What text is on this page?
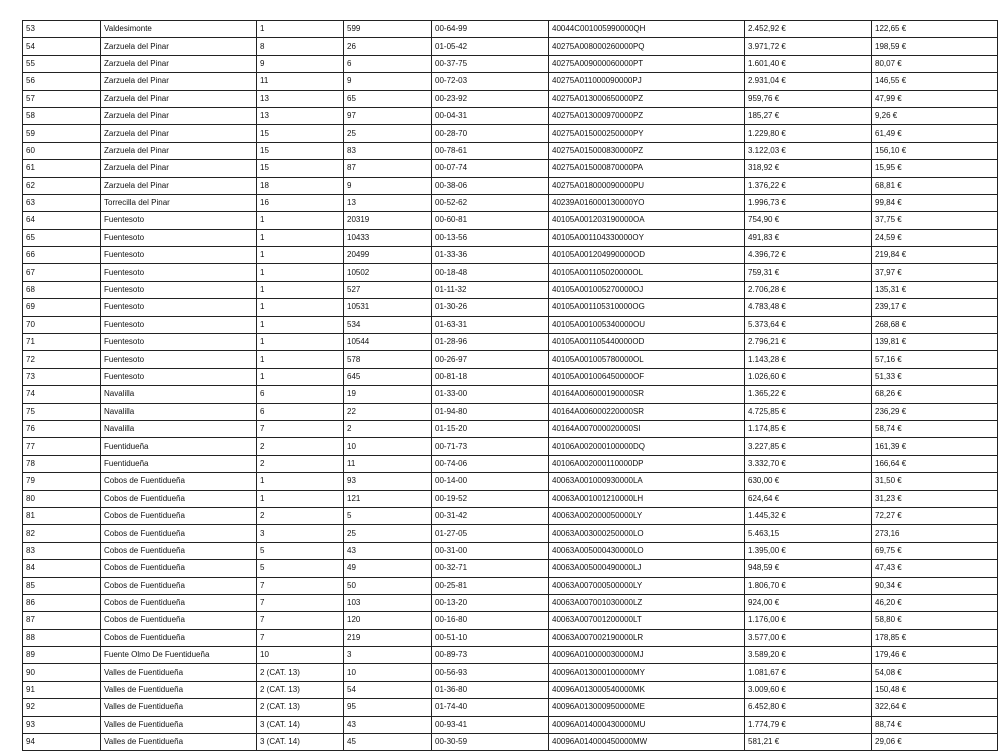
53	Valdesimonte	1	599	00-64-99	40044C001005990000QH	2.452,92 €	122,65 €
54	Zarzuela del Pinar	8	26	01-05-42	40275A008000260000PQ	3.971,72 €	198,59 €
55	Zarzuela del Pinar	9	6	00-37-75	40275A009000060000PT	1.601,40 €	80,07 €
56	Zarzuela del Pinar	11	9	00-72-03	40275A011000090000PJ	2.931,04 €	146,55 €
57	Zarzuela del Pinar	13	65	00-23-92	40275A013000650000PZ	959,76 €	47,99 €
58	Zarzuela del Pinar	13	97	00-04-31	40275A013000970000PZ	185,27 €	9,26 €
59	Zarzuela del Pinar	15	25	00-28-70	40275A015000250000PY	1.229,80 €	61,49 €
60	Zarzuela del Pinar	15	83	00-78-61	40275A015000830000PZ	3.122,03 €	156,10 €
61	Zarzuela del Pinar	15	87	00-07-74	40275A015000870000PA	318,92 €	15,95 €
62	Zarzuela del Pinar	18	9	00-38-06	40275A018000090000PU	1.376,22 €	68,81 €
63	Torrecilla del Pinar	16	13	00-52-62	40239A016000130000YO	1.996,73 €	99,84 €
64	Fuentesoto	1	20319	00-60-81	40105A001203190000OA	754,90 €	37,75 €
65	Fuentesoto	1	10433	00-13-56	40105A001104330000OY	491,83 €	24,59 €
66	Fuentesoto	1	20499	01-33-36	40105A001204990000OD	4.396,72 €	219,84 €
67	Fuentesoto	1	10502	00-18-48	40105A001105020000OL	759,31 €	37,97 €
68	Fuentesoto	1	527	01-11-32	40105A001005270000OJ	2.706,28 €	135,31 €
69	Fuentesoto	1	10531	01-30-26	40105A001105310000OG	4.783,48 €	239,17 €
70	Fuentesoto	1	534	01-63-31	40105A001005340000OU	5.373,64 €	268,68 €
71	Fuentesoto	1	10544	01-28-96	40105A001105440000OD	2.796,21 €	139,81 €
72	Fuentesoto	1	578	00-26-97	40105A001005780000OL	1.143,28 €	57,16 €
73	Fuentesoto	1	645	00-81-18	40105A001006450000OF	1.026,60 €	51,33 €
74	Navalilla	6	19	01-33-00	40164A006000190000SR	1.365,22 €	68,26 €
75	Navalilla	6	22	01-94-80	40164A006000220000SR	4.725,85 €	236,29 €
76	Navalilla	7	2	01-15-20	40164A007000020000SI	1.174,85 €	58,74 €
77	Fuentidueña	2	10	00-71-73	40106A002000100000DQ	3.227,85 €	161,39 €
78	Fuentidueña	2	11	00-74-06	40106A002000110000DP	3.332,70 €	166,64 €
79	Cobos de Fuentidueña	1	93	00-14-00	40063A001000930000LA	630,00 €	31,50 €
80	Cobos de Fuentidueña	1	121	00-19-52	40063A001001210000LH	624,64 €	31,23 €
81	Cobos de Fuentidueña	2	5	00-31-42	40063A002000050000LY	1.445,32 €	72,27 €
82	Cobos de Fuentidueña	3	25	01-27-05	40063A003000250000LO	5.463,15	273,16
83	Cobos de Fuentidueña	5	43	00-31-00	40063A005000430000LO	1.395,00 €	69,75 €
84	Cobos de Fuentidueña	5	49	00-32-71	40063A005000490000LJ	948,59 €	47,43 €
85	Cobos de Fuentidueña	7	50	00-25-81	40063A007000500000LY	1.806,70 €	90,34 €
86	Cobos de Fuentidueña	7	103	00-13-20	40063A007001030000LZ	924,00 €	46,20 €
87	Cobos de Fuentidueña	7	120	00-16-80	40063A007001200000LT	1.176,00 €	58,80 €
88	Cobos de Fuentidueña	7	219	00-51-10	40063A007002190000LR	3.577,00 €	178,85 €
89	Fuente Olmo De Fuentidueña	10	3	00-89-73	40096A010000030000MJ	3.589,20 €	179,46 €
90	Valles de Fuentidueña	2 (CAT. 13)	10	00-56-93	40096A013000100000MY	1.081,67 €	54,08 €
91	Valles de Fuentidueña	2 (CAT. 13)	54	01-36-80	40096A013000540000MK	3.009,60 €	150,48 €
92	Valles de Fuentidueña	2 (CAT. 13)	95	01-74-40	40096A013000950000ME	6.452,80 €	322,64 €
93	Valles de Fuentidueña	3 (CAT. 14)	43	00-93-41	40096A014000430000MU	1.774,79 €	88,74 €
94	Valles de Fuentidueña	3 (CAT. 14)	45	00-30-59	40096A014000450000MW	581,21 €	29,06 €
